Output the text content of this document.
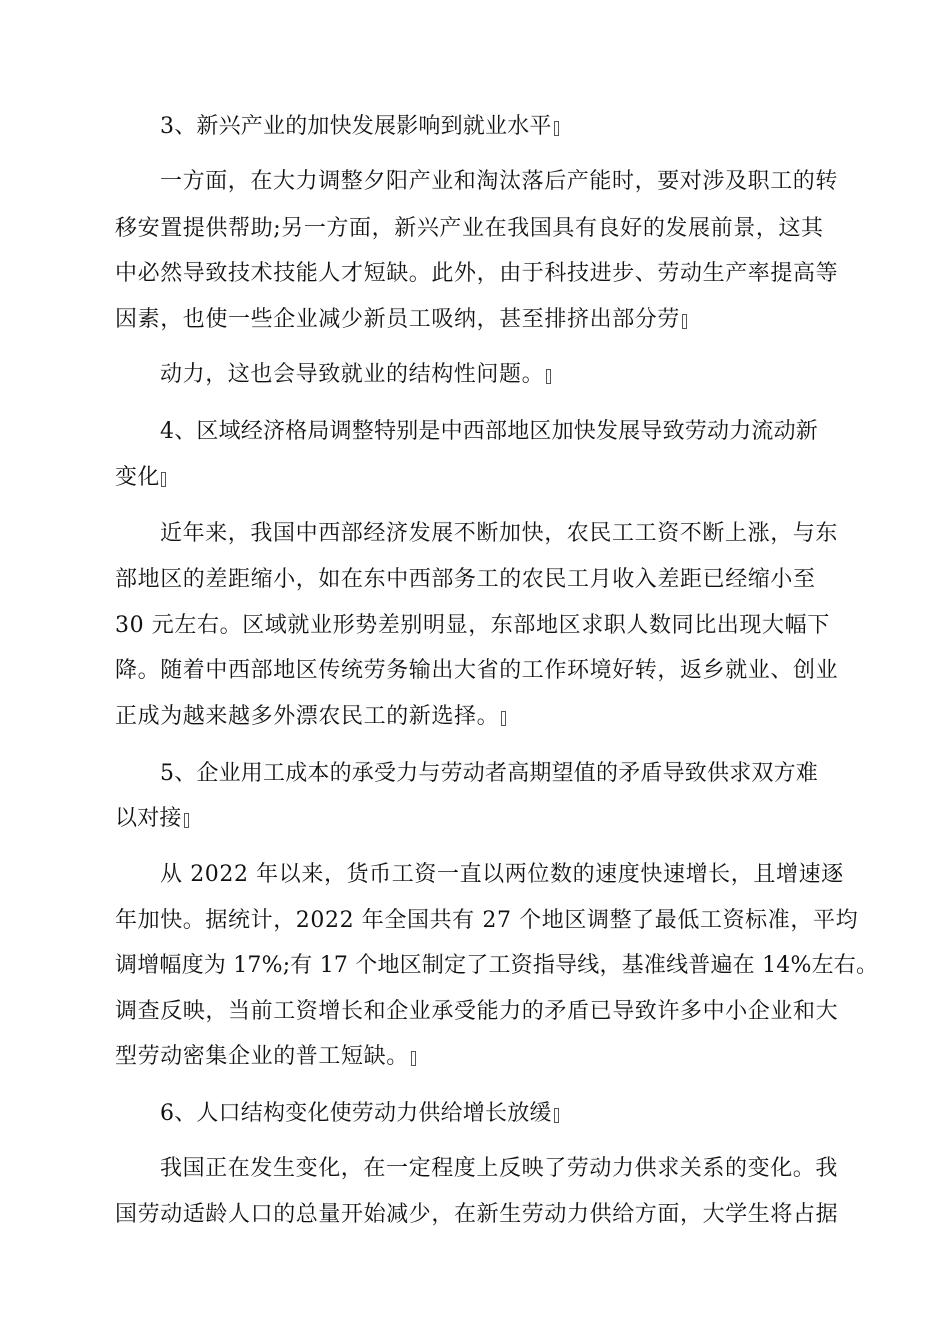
3、新兴产业的加快发展影响到就业水平
一方面，在大力调整夕阳产业和淘汰落后产能时，要对涉及职工的转
移安置提供帮助;另一方面，新兴产业在我国具有良好的发展前景，这其
中必然导致技术技能人才短缺。此外，由于科技进步、劳动生产率提高等
因素，也使一些企业减少新员工吸纳，甚至排挤出部分劳
动力，这也会导致就业的结构性问题。
4、区域经济格局调整特别是中西部地区加快发展导致劳动力流动新
变化
近年来，我国中西部经济发展不断加快，农民工工资不断上涨，与东
部地区的差距缩小，如在东中西部务工的农民工月收入差距已经缩小至
30 元左右。区域就业形势差别明显，东部地区求职人数同比出现大幅下
降。随着中西部地区传统劳务输出大省的工作环境好转，返乡就业、创业
正成为越来越多外漂农民工的新选择。
5、企业用工成本的承受力与劳动者高期望值的矛盾导致供求双方难
以对接
从 2022 年以来，货币工资一直以两位数的速度快速增长，且增速逐
年加快。据统计，2022 年全国共有 27 个地区调整了最低工资标准，平均
调增幅度为 17%;有 17 个地区制定了工资指导线，基准线普遍在 14%左右。
调查反映，当前工资增长和企业承受能力的矛盾已导致许多中小企业和大
型劳动密集企业的普工短缺。
6、人口结构变化使劳动力供给增长放缓
我国正在发生变化，在一定程度上反映了劳动力供求关系的变化。我
国劳动适龄人口的总量开始减少，在新生劳动力供给方面，大学生将占据
